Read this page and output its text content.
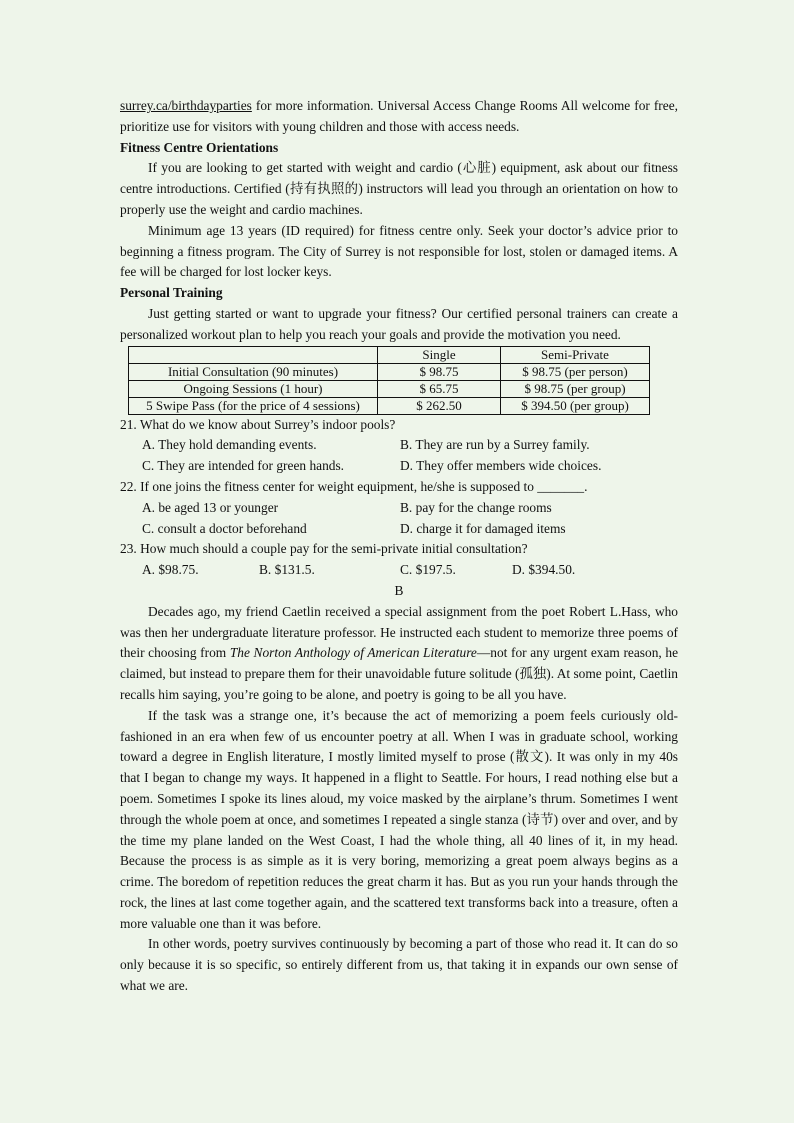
surrey.ca/birthdayparties for more information. Universal Access Change Rooms All welcome for free, prioritize use for visitors with young children and those with access needs.

Fitness Centre Orientations

If you are looking to get started with weight and cardio (心脏) equipment, ask about our fitness centre introductions. Certified (持有执照的) instructors will lead you through an orientation on how to properly use the weight and cardio machines.

Minimum age 13 years (ID required) for fitness centre only. Seek your doctor’s advice prior to beginning a fitness program. The City of Surrey is not responsible for lost, stolen or damaged items. A fee will be charged for lost locker keys.

Personal Training

Just getting started or want to upgrade your fitness? Our certified personal trainers can create a personalized workout plan to help you reach your goals and provide the motivation you need.

	Single	Semi-Private
Initial Consultation (90 minutes)	$ 98.75	$ 98.75 (per person)
Ongoing Sessions (1 hour)	$ 65.75	$ 98.75 (per group)
5 Swipe Pass (for the price of 4 sessions)	$ 262.50	$ 394.50 (per group)

21. What do we know about Surrey’s indoor pools?

A. They hold demanding events.	B. They are run by a Surrey family.
C. They are intended for green hands.	D. They offer members wide choices.

22. If one joins the fitness center for weight equipment, he/she is supposed to _______.

A. be aged 13 or younger	B. pay for the change rooms
C. consult a doctor beforehand	D. charge it for damaged items

23. How much should a couple pay for the semi-private initial consultation?

A. $98.75.	B. $131.5.	C. $197.5.	D. $394.50.

B

Decades ago, my friend Caetlin received a special assignment from the poet Robert L.Hass, who was then her undergraduate literature professor. He instructed each student to memorize three poems of their choosing from The Norton Anthology of American Literature—not for any urgent exam reason, he claimed, but instead to prepare them for their unavoidable future solitude (孤独). At some point, Caetlin recalls him saying, you’re going to be alone, and poetry is going to be all you have.

If the task was a strange one, it’s because the act of memorizing a poem feels curiously old-fashioned in an era when few of us encounter poetry at all. When I was in graduate school, working toward a degree in English literature, I mostly limited myself to prose (散文). It was only in my 40s that I began to change my ways. It happened in a flight to Seattle. For hours, I read nothing else but a poem. Sometimes I spoke its lines aloud, my voice masked by the airplane’s thrum. Sometimes I went through the whole poem at once, and sometimes I repeated a single stanza (诗节) over and over, and by the time my plane landed on the West Coast, I had the whole thing, all 40 lines of it, in my head. Because the process is as simple as it is very boring, memorizing a great poem always begins as a crime. The boredom of repetition reduces the great charm it has. But as you run your hands through the rock, the lines at last come together again, and the scattered text transforms back into a treasure, often a more valuable one than it was before.

In other words, poetry survives continuously by becoming a part of those who read it. It can do so only because it is so specific, so entirely different from us, that taking it in expands our own sense of what we are.
